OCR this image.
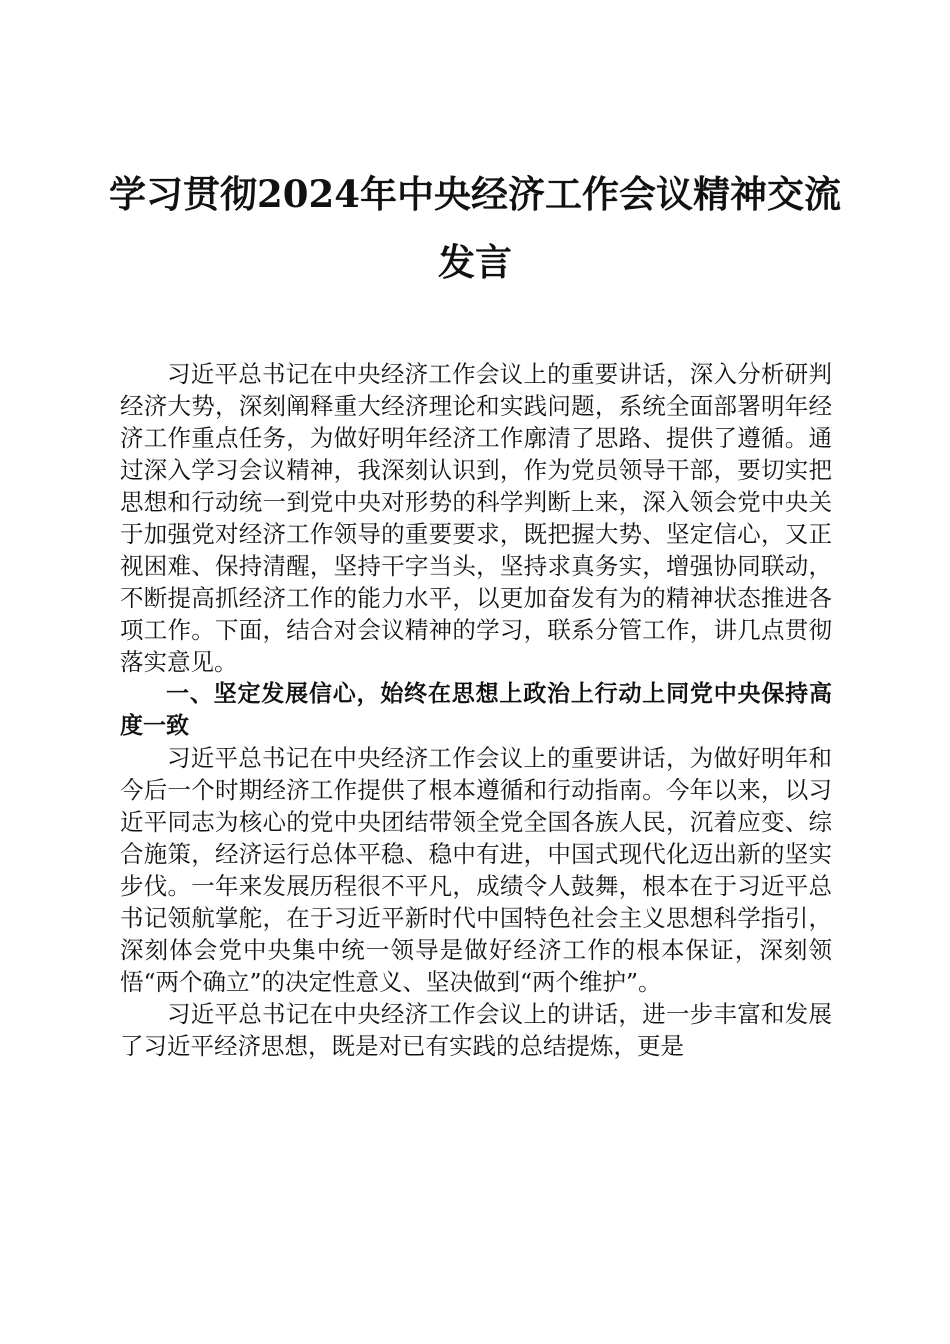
学习贯彻2024年中央经济工作会议精神交流
发言

习近平总书记在中央经济工作会议上的重要讲话，深入分析研判经济大势，深刻阐释重大经济理论和实践问题，系统全面部署明年经济工作重点任务，为做好明年经济工作廓清了思路、提供了遵循。通过深入学习会议精神，我深刻认识到，作为党员领导干部，要切实把思想和行动统一到党中央对形势的科学判断上来，深入领会党中央关于加强党对经济工作领导的重要要求，既把握大势、坚定信心，又正视困难、保持清醒，坚持干字当头，坚持求真务实，增强协同联动，不断提高抓经济工作的能力水平，以更加奋发有为的精神状态推进各项工作。下面，结合对会议精神的学习，联系分管工作，讲几点贯彻落实意见。

一、坚定发展信心，始终在思想上政治上行动上同党中央保持高度一致

习近平总书记在中央经济工作会议上的重要讲话，为做好明年和今后一个时期经济工作提供了根本遵循和行动指南。今年以来，以习近平同志为核心的党中央团结带领全党全国各族人民，沉着应变、综合施策，经济运行总体平稳、稳中有进，中国式现代化迈出新的坚实步伐。一年来发展历程很不平凡，成绩令人鼓舞，根本在于习近平总书记领航掌舵，在于习近平新时代中国特色社会主义思想科学指引，深刻体会党中央集中统一领导是做好经济工作的根本保证，深刻领悟“两个确立”的决定性意义、坚决做到“两个维护”。

习近平总书记在中央经济工作会议上的讲话，进一步丰富和发展了习近平经济思想，既是对已有实践的总结提炼，更是
